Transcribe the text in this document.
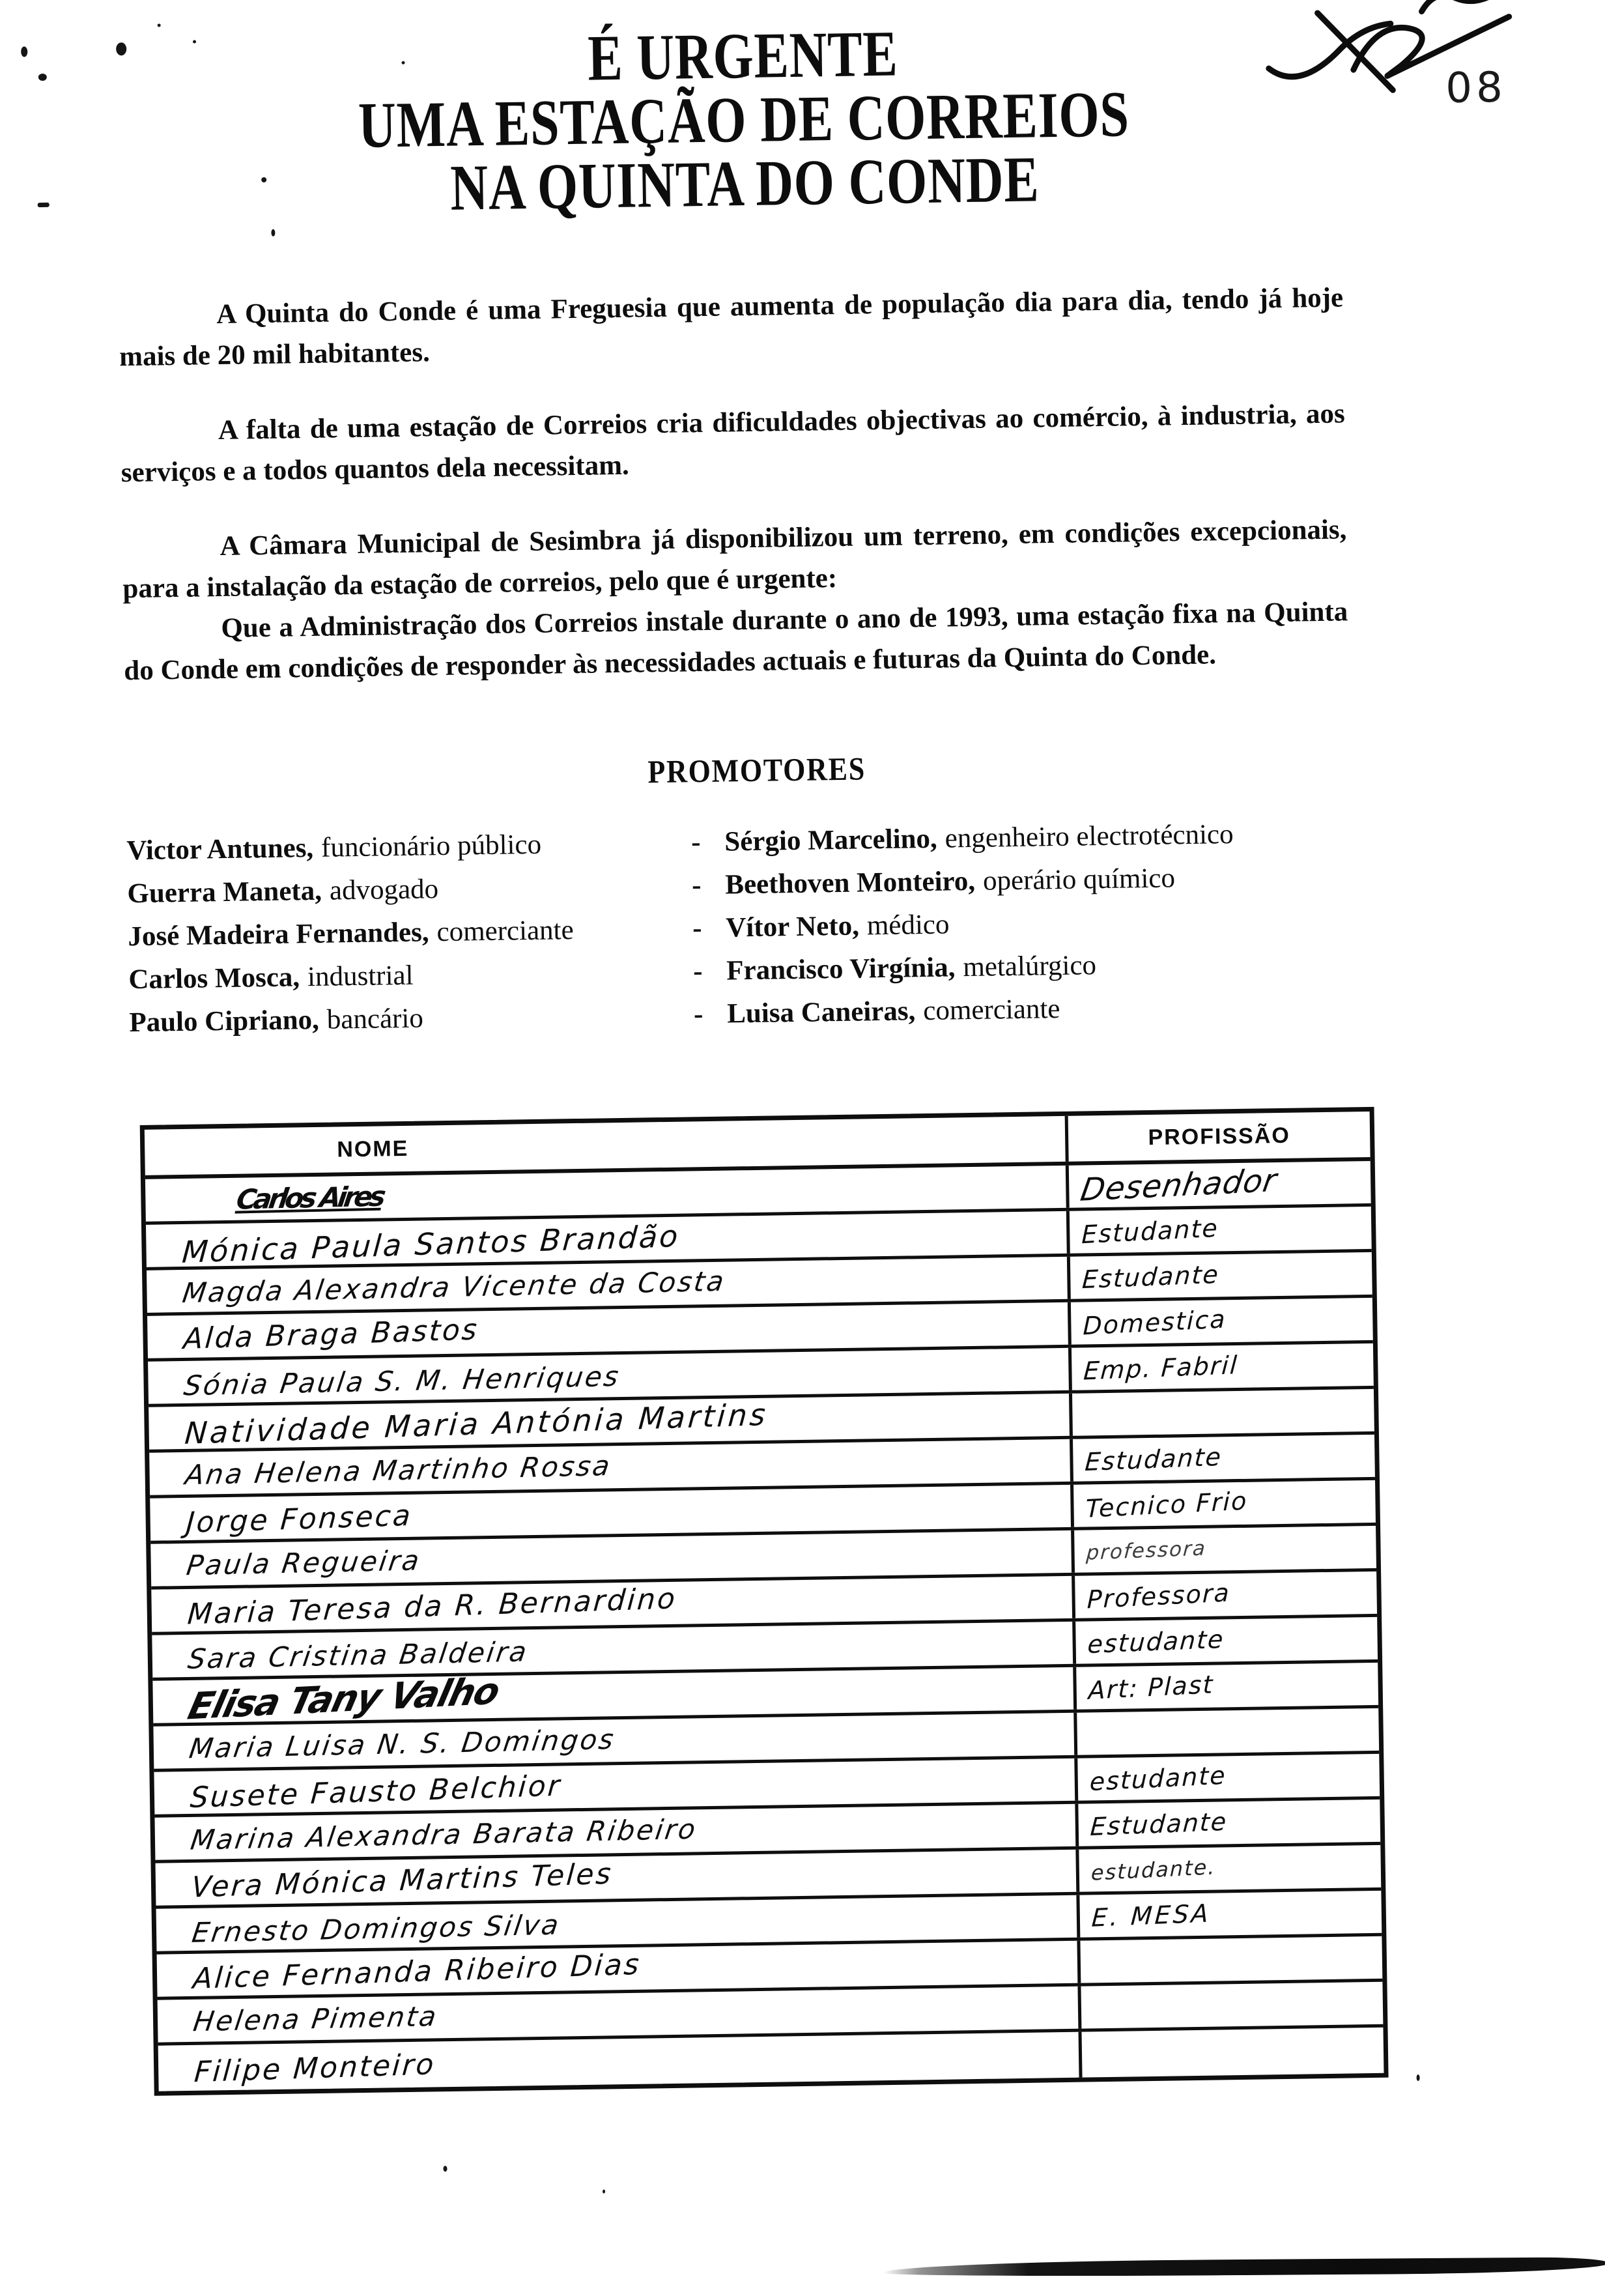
08
É URGENTE
UMA ESTAÇÃO DE CORREIOS
NA QUINTA DO CONDE

A Quinta do Conde é uma Freguesia que aumenta de população dia para dia, tendo já hoje mais de 20 mil habitantes.

A falta de uma estação de Correios cria dificuldades objectivas ao comércio, à industria, aos serviços e a todos quantos dela necessitam.

A Câmara Municipal de Sesimbra já disponibilizou um terreno, em condições excepcionais, para a instalação da estação de correios, pelo que é urgente:

Que a Administração dos Correios instale durante o ano de 1993, uma estação fixa na Quinta do Conde em condições de responder às necessidades actuais e futuras da Quinta do Conde.

PROMOTORES
Victor Antunes, funcionário público	- Sérgio Marcelino, engenheiro electrotécnico
Guerra Maneta, advogado	- Beethoven Monteiro, operário químico
José Madeira Fernandes, comerciante	- Vítor Neto, médico
Carlos Mosca, industrial	- Francisco Virgínia, metalúrgico
Paulo Cipriano, bancário	- Luisa Caneiras, comerciante
NOME	PROFISSÃO
Carlos Aires	Desenhador
Mónica Paula Santos Brandão	Estudante
Magda Alexandra Vicente da Costa	Estudante
Alda Braga Bastos	Domestica
Sónia Paula S. M. Henriques	Emp. Fabril
Natividade Maria Antónia Martins
Ana Helena Martinho Rossa	Estudante
Jorge Fonseca	Tecnico Frio
Paula Regueira	professora
Maria Teresa da R. Bernardino	Professora
Sara Cristina Baldeira	estudante
Elisa Tany Valho	Art: Plast
Maria Luisa N. S. Domingos
Susete Fausto Belchior	estudante
Marina Alexandra Barata Ribeiro	Estudante
Vera Mónica Martins Teles	estudante.
Ernesto Domingos Silva	E. MESA
Alice Fernanda Ribeiro Dias
Helena Pimenta
Filipe Monteiro
